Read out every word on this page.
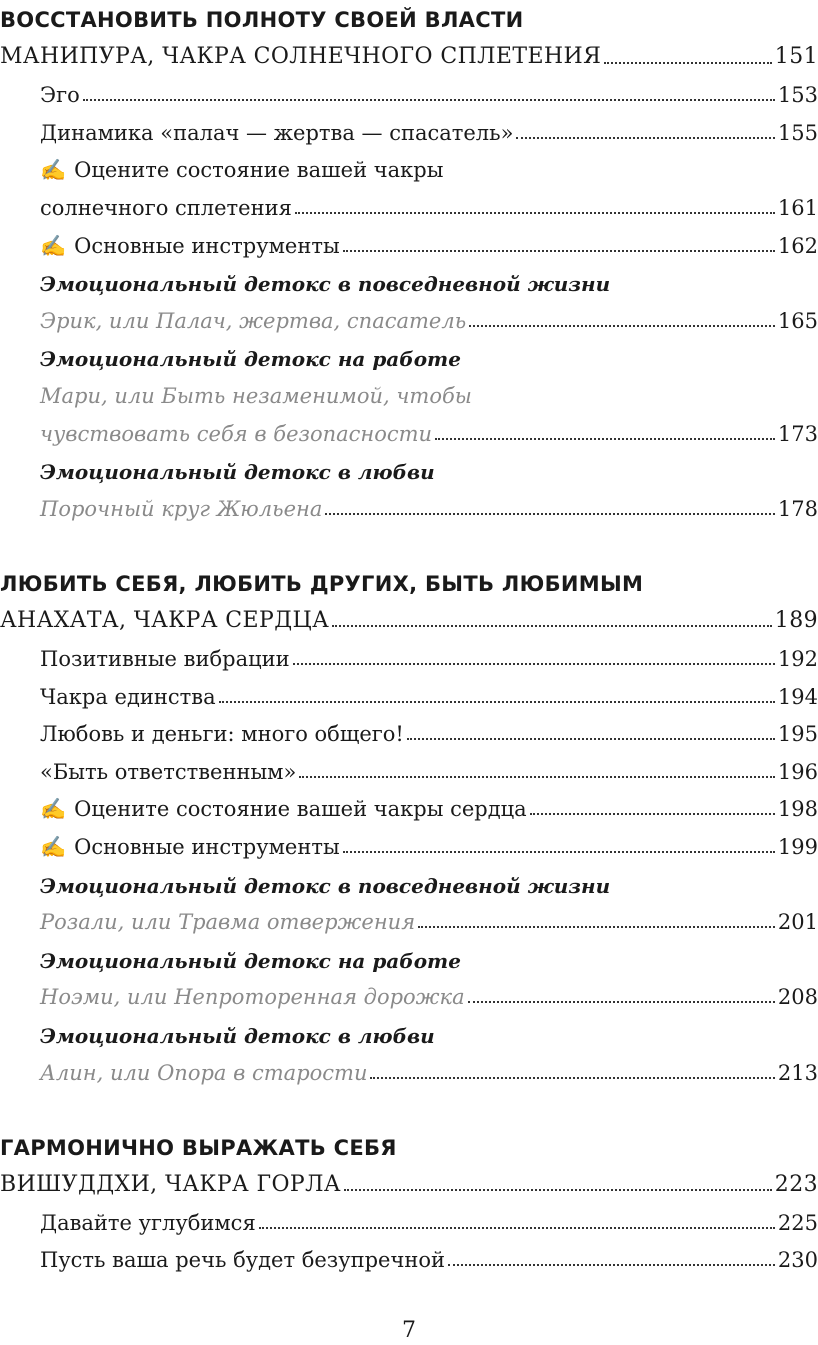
ВОССТАНОВИТЬ ПОЛНОТУ СВОЕЙ ВЛАСТИ
МАНИПУРА, ЧАКРА СОЛНЕЧНОГО СПЛЕТЕНИЯ	151
Эго	153
Динамика «палач — жертва — спасатель»	155
✍ Оцените состояние вашей чакры
солнечного сплетения	161
✍ Основные инструменты	162
Эмоциональный детокс в повседневной жизни
Эрик, или Палач, жертва, спасатель	165
Эмоциональный детокс на работе
Мари, или Быть незаменимой, чтобы
чувствовать себя в безопасности	173
Эмоциональный детокс в любви
Порочный круг Жюльена	178
ЛЮБИТЬ СЕБЯ, ЛЮБИТЬ ДРУГИХ, БЫТЬ ЛЮБИМЫМ
АНАХАТА, ЧАКРА СЕРДЦА	189
Позитивные вибрации	192
Чакра единства	194
Любовь и деньги: много общего!	195
«Быть ответственным»	196
✍ Оцените состояние вашей чакры сердца	198
✍ Основные инструменты	199
Эмоциональный детокс в повседневной жизни
Розали, или Травма отвержения	201
Эмоциональный детокс на работе
Ноэми, или Непроторенная дорожка	208
Эмоциональный детокс в любви
Алин, или Опора в старости	213
ГАРМОНИЧНО ВЫРАЖАТЬ СЕБЯ
ВИШУДДХИ, ЧАКРА ГОРЛА	223
Давайте углубимся	225
Пусть ваша речь будет безупречной	230
7
